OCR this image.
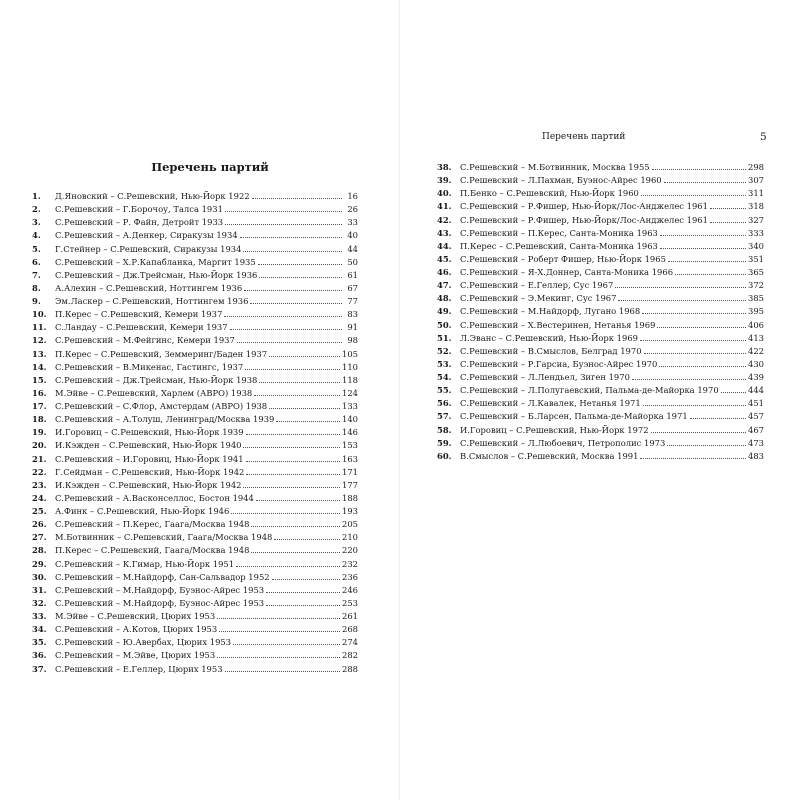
Перечень партий
1.	Д.Яновский – С.Решевский, Нью-Йорк 1922	16
2.	С.Решевский – Г.Борочоу, Талса 1931	26
3.	С.Решевский – Р. Файн, Детройт 1933	33
4.	С.Решевский – А.Денкер, Сиракузы 1934	40
5.	Г.Стейнер – С.Решевский, Сиракузы 1934	44
6.	С.Решевский – Х.Р.Капабланка, Маргит 1935	50
7.	С.Решевский – Дж.Трейсман, Нью-Йорк 1936	61
8.	А.Алехин – С.Решевский, Ноттингем 1936	67
9.	Эм.Ласкер – С.Решевский, Ноттингем 1936	77
10.	П.Керес – С.Решевский, Кемери 1937	83
11.	С.Ландау – С.Решевский, Кемери 1937	91
12.	С.Решевский – М.Фейгинс, Кемери 1937	98
13.	П.Керес – С.Решевский, Земмеринг/Баден 1937	105
14.	С.Решевский – В.Микенас, Гастингс, 1937	110
15.	С.Решевский – Дж.Трейсман, Нью-Йорк 1938	118
16.	М.Эйве – С.Решевский, Харлем (АВРО) 1938	124
17.	С.Решевский – С.Флор, Амстердам (АВРО) 1938	133
18.	С.Решевский – А.Толуш, Ленинград/Москва 1939	140
19.	И.Горовиц – С.Решевский, Нью-Йорк 1939	146
20.	И.Кэжден – С.Решевский, Нью-Йорк 1940	153
21.	С.Решевский – И.Горовиц, Нью-Йорк 1941	163
22.	Г.Сейдман – С.Решевский, Нью-Йорк 1942	171
23.	И.Кэжден – С.Решевский, Нью-Йорк 1942	177
24.	С.Решевский – А.Васконселлос, Бостон 1944	188
25.	А.Финк – С.Решевский, Нью-Йорк 1946	193
26.	С.Решевский – П.Керес, Гаага/Москва 1948	205
27.	М.Ботвинник – С.Решевский, Гаага/Москва 1948	210
28.	П.Керес – С.Решевский, Гаага/Москва 1948	220
29.	С.Решевский – К.Гимар, Нью-Йорк 1951	232
30.	С.Решевский – М.Найдорф, Сан-Сальвадор 1952	236
31.	С.Решевский – М.Найдорф, Буэнос-Айрес 1953	246
32.	С.Решевский – М.Найдорф, Буэнос-Айрес 1953	253
33.	М.Эйве – С.Решевский, Цюрих 1953	261
34.	С.Решевский – А.Котов, Цюрих 1953	268
35.	С.Решевский – Ю.Авербах, Цюрих 1953	274
36.	С.Решевский – М.Эйве, Цюрих 1953	282
37.	С.Решевский – Е.Геллер, Цюрих 1953	288
Перечень партий	5
38.	С.Решевский – М.Ботвинник, Москва 1955	298
39.	С.Решевский – Л.Пахман, Буэнос-Айрес 1960	307
40.	П.Бенко – С.Решевский, Нью-Йорк 1960	311
41.	С.Решевский – Р.Фишер, Нью-Йорк/Лос-Анджелес 1961	318
42.	С.Решевский – Р.Фишер, Нью-Йорк/Лос-Анджелес 1961	327
43.	С.Решевский – П.Керес, Санта-Моника 1963	333
44.	П.Керес – С.Решевский, Санта-Моника 1963	340
45.	С.Решевский – Роберт Фишер, Нью-Йорк 1965	351
46.	С.Решевский – Я-Х.Доннер, Санта-Моника 1966	365
47.	С.Решевский – Е.Геллер, Сус 1967	372
48.	С.Решевский – Э.Мекинг, Сус 1967	385
49.	С.Решевский – М.Найдорф, Лугано 1968	395
50.	С.Решевский – Х.Вестеринен, Нетанья 1969	406
51.	Л.Эванс – С.Решевский, Нью-Йорк 1969	413
52.	С.Решевский – В.Смыслов, Белград 1970	422
53.	С.Решевский – Р.Гарсиа, Буэнос-Айрес 1970	430
54.	С.Решевский – Л.Лендьел, Зиген 1970	439
55.	С.Решевский – Л.Полугаевский, Пальма-де-Майорка 1970	444
56.	С.Решевский – Л.Кавалек, Нетанья 1971	451
57.	С.Решевский – Б.Ларсен, Пальма-де-Майорка 1971	457
58.	И.Горовиц – С.Решевский, Нью-Йорк 1972	467
59.	С.Решевский – Л.Любоевич, Петрополис 1973	473
60.	В.Смыслов – С.Решевский, Москва 1991	483
